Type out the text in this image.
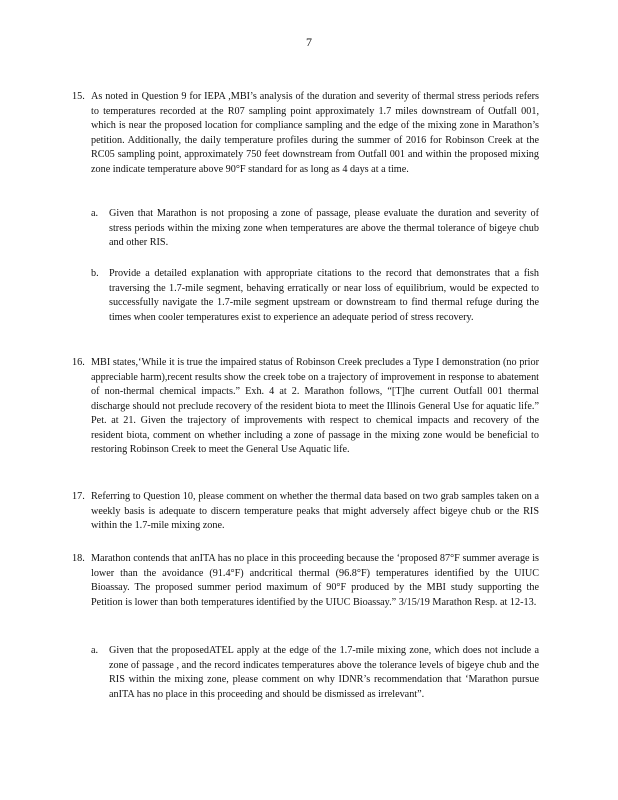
7
15. As noted in Question 9 for IEPA ,MBI’s analysis of the duration and severity of thermal stress periods refers to temperatures recorded at the R07 sampling point approximately 1.7 miles downstream of Outfall 001, which is near the proposed location for compliance sampling and the edge of the mixing zone in Marathon’s petition. Additionally, the daily temperature profiles during the summer of 2016 for Robinson Creek at the RC05 sampling point, approximately 750 feet downstream from Outfall 001 and within the proposed mixing zone indicate temperature above 90°F standard for as long as 4 days at a time.
a. Given that Marathon is not proposing a zone of passage, please evaluate the duration and severity of stress periods within the mixing zone when temperatures are above the thermal tolerance of bigeye chub and other RIS.
b. Provide a detailed explanation with appropriate citations to the record that demonstrates that a fish traversing the 1.7-mile segment, behaving erratically or near loss of equilibrium, would be expected to successfully navigate the 1.7-mile segment upstream or downstream to find thermal refuge during the times when cooler temperatures exist to experience an adequate period of stress recovery.
16. MBI states,‘While it is true the impaired status of Robinson Creek precludes a Type I demonstration (no prior appreciable harm),recent results show the creek tobe on a trajectory of improvement in response to abatement of non-thermal chemical impacts.” Exh. 4 at 2. Marathon follows, “[T]he current Outfall 001 thermal discharge should not preclude recovery of the resident biota to meet the Illinois General Use for aquatic life.” Pet. at 21. Given the trajectory of improvements with respect to chemical impacts and recovery of the resident biota, comment on whether including a zone of passage in the mixing zone would be beneficial to restoring Robinson Creek to meet the General Use Aquatic life.
17. Referring to Question 10, please comment on whether the thermal data based on two grab samples taken on a weekly basis is adequate to discern temperature peaks that might adversely affect bigeye chub or the RIS within the 1.7-mile mixing zone.
18. Marathon contends that anITA has no place in this proceeding because the ‘proposed 87°F summer average is lower than the avoidance (91.4°F) andcritical thermal (96.8°F) temperatures identified by the UIUC Bioassay. The proposed summer period maximum of 90°F produced by the MBI study supporting the Petition is lower than both temperatures identified by the UIUC Bioassay.” 3/15/19 Marathon Resp. at 12-13.
a. Given that the proposedATEL apply at the edge of the 1.7-mile mixing zone, which does not include a zone of passage , and the record indicates temperatures above the tolerance levels of bigeye chub and the RIS within the mixing zone, please comment on why IDNR’s recommendation that ‘Marathon pursue anITA has no place in this proceeding and should be dismissed as irrelevant”.
